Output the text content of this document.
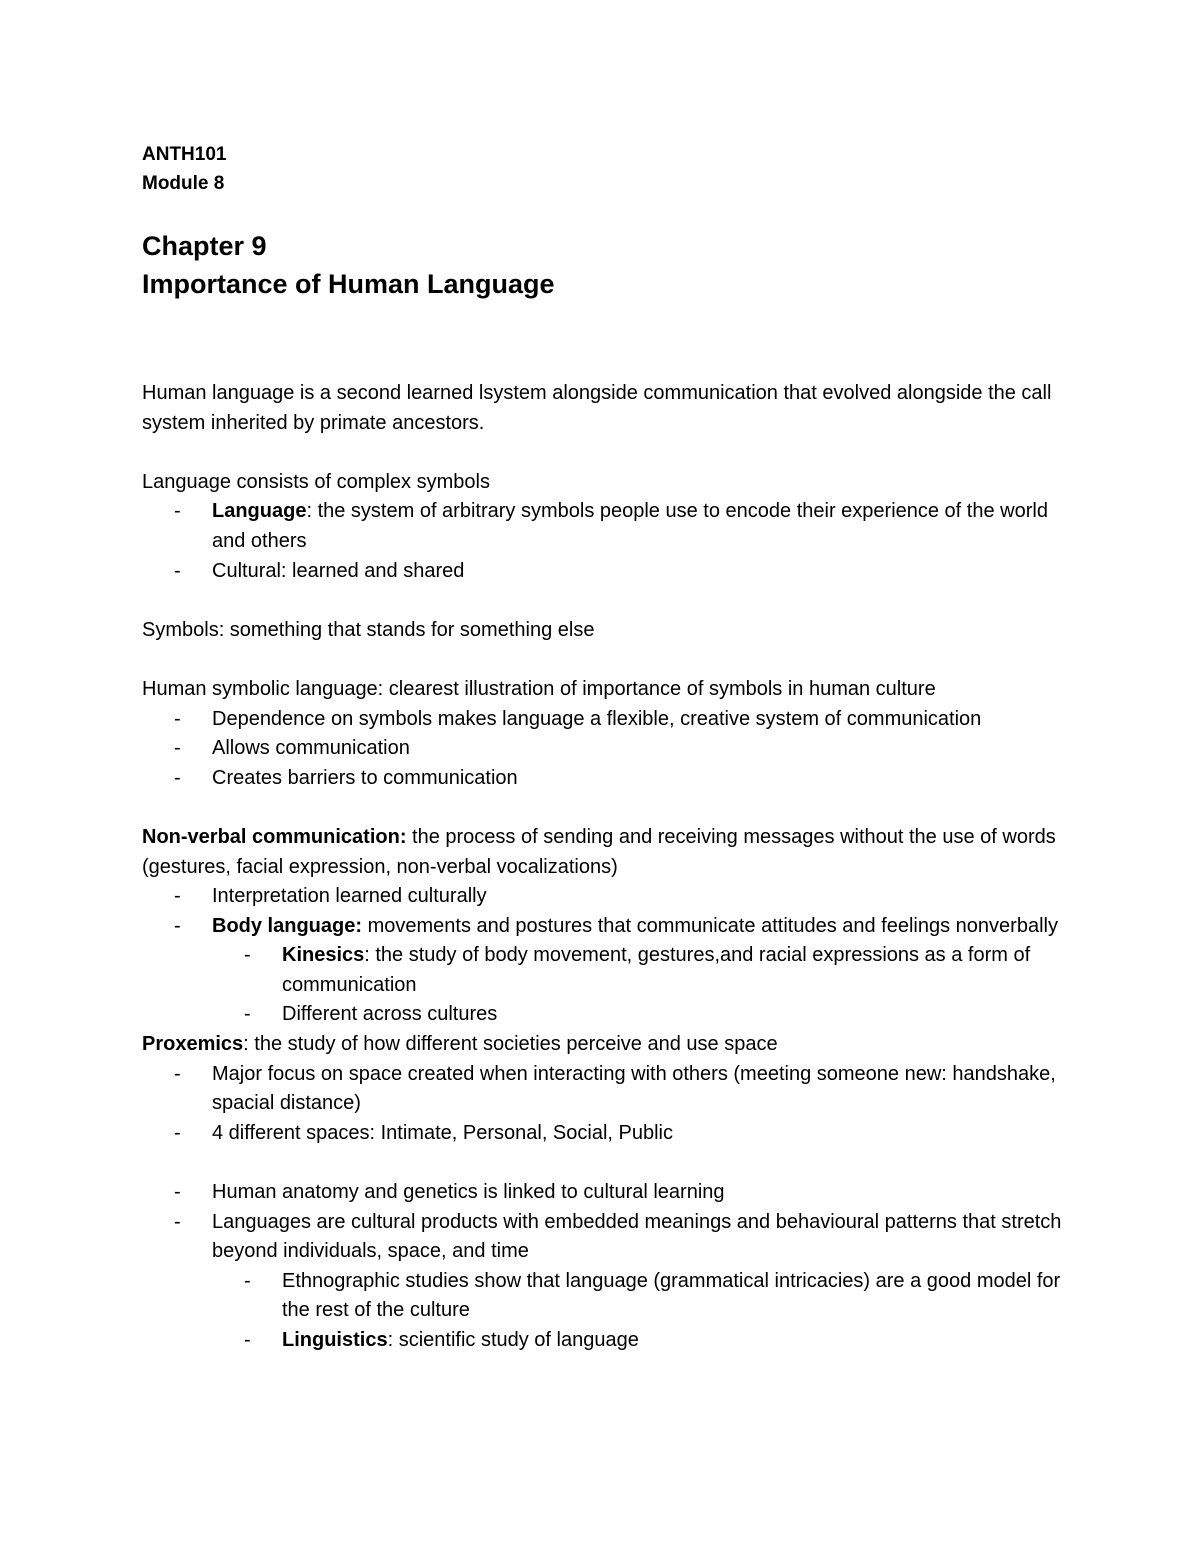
ANTH101

Module 8

Chapter 9

Importance of Human Language

Human language is a second learned lsystem alongside communication that evolved alongside the call system inherited by primate ancestors.

Language consists of complex symbols

- Language: the system of arbitrary symbols people use to encode their experience of the world and others
- Cultural: learned and shared

Symbols: something that stands for something else

Human symbolic language: clearest illustration of importance of symbols in human culture

- Dependence on symbols makes language a flexible, creative system of communication
- Allows communication
- Creates barriers to communication

Non-verbal communication: the process of sending and receiving messages without the use of words (gestures, facial expression, non-verbal vocalizations)

- Interpretation learned culturally
- Body language: movements and postures that communicate attitudes and feelings nonverbally
- Kinesics: the study of body movement, gestures,and racial expressions as a form of communication
- Different across cultures

Proxemics: the study of how different societies perceive and use space

- Major focus on space created when interacting with others (meeting someone new: handshake, spacial distance)
- 4 different spaces: Intimate, Personal, Social, Public
- Human anatomy and genetics is linked to cultural learning
- Languages are cultural products with embedded meanings and behavioural patterns that stretch beyond individuals, space, and time
- Ethnographic studies show that language (grammatical intricacies) are a good model for the rest of the culture
- Linguistics: scientific study of language
